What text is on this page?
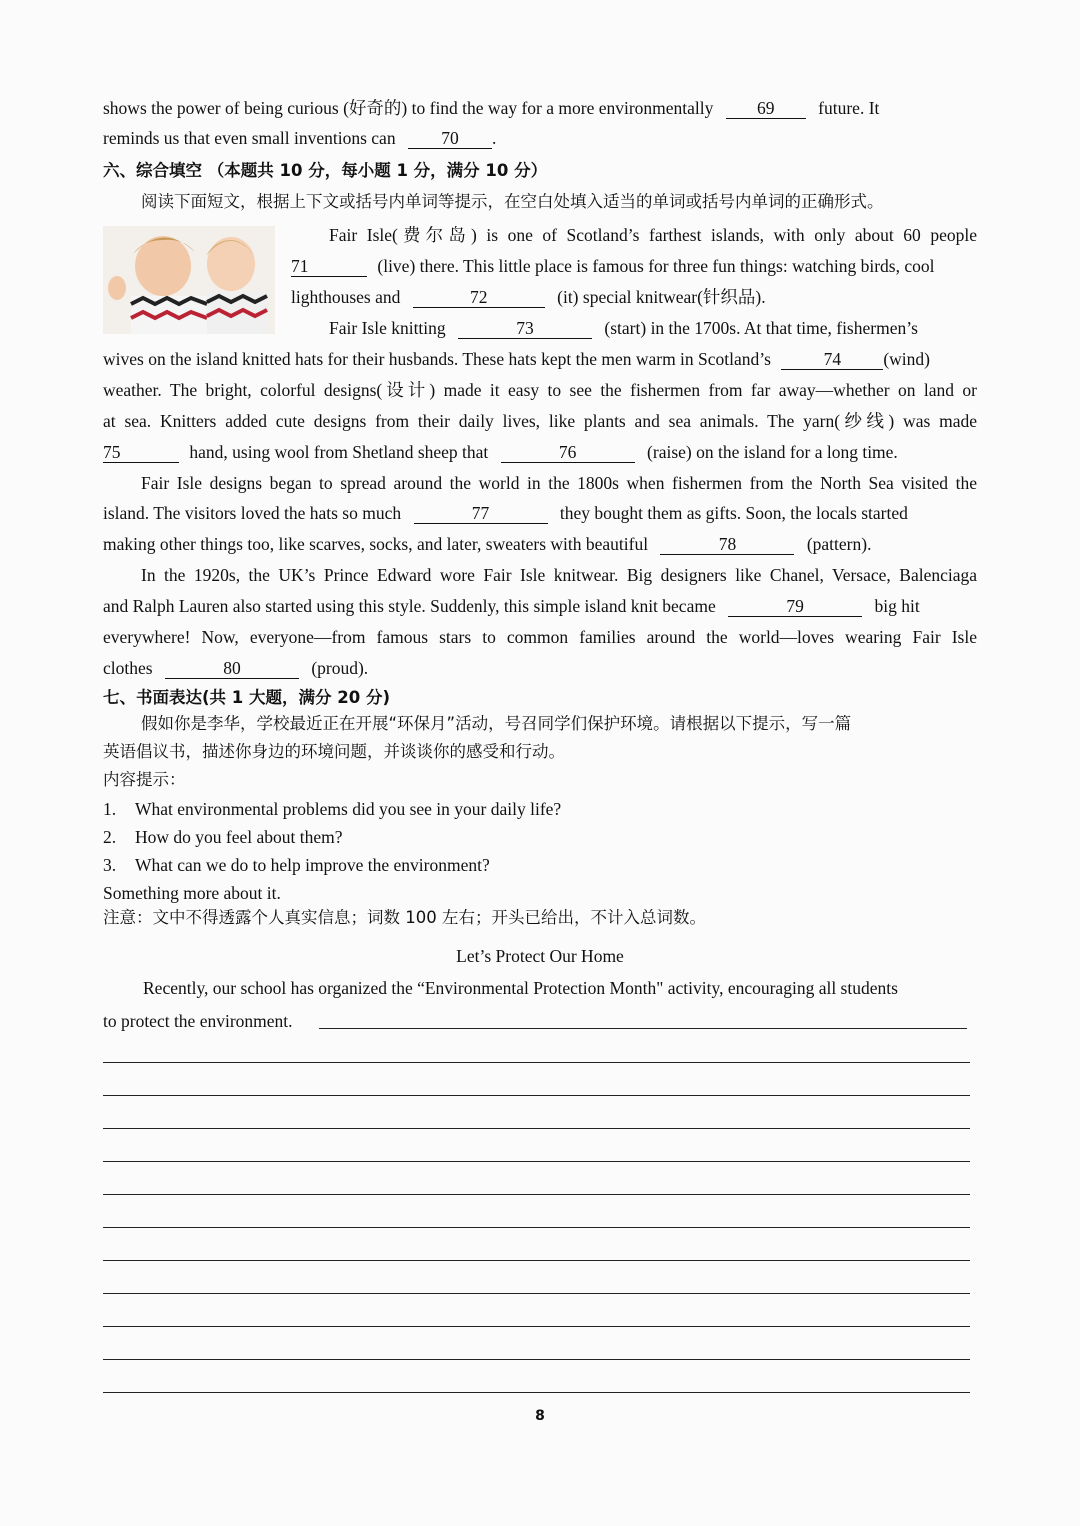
shows the power of being curious (好奇的) to find the way for a more environmentally 69 future. It
reminds us that even small inventions can	70 .
六、综合填空 （本题共 10 分，每小题 1 分，满分 10 分）
阅读下面短文，根据上下文或括号内单词等提示，在空白处填入适当的单词或括号内单词的正确形式。
Fair Isle(费尔岛) is one of Scotland’s farthest islands, with only about 60 people
71	(live) there. This little place is famous for three fun things: watching birds, cool
lighthouses and	72	(it) special knitwear(针织品).
Fair Isle knitting	73	(start) in the 1700s. At that time, fishermen’s
wives on the island knitted hats for their husbands. These hats kept the men warm in Scotland’s	74 (wind)
weather. The bright, colorful designs(设计) made it easy to see the fishermen from far away—whether on land or
at sea. Knitters added cute designs from their daily lives, like plants and sea animals. The yarn(纱线) was made
75	hand, using wool from Shetland sheep that	76	(raise) on the island for a long time.
Fair Isle designs began to spread around the world in the 1800s when fishermen from the North Sea visited the
island. The visitors loved the hats so much	77	they bought them as gifts. Soon, the locals started
making other things too, like scarves, socks, and later, sweaters with beautiful	78	(pattern).
In the 1920s, the UK’s Prince Edward wore Fair Isle knitwear. Big designers like Chanel, Versace, Balenciaga
and Ralph Lauren also started using this style. Suddenly, this simple island knit became	79	big hit
everywhere! Now, everyone—from famous stars to common families around the world—loves wearing Fair Isle
clothes	80	(proud).
七、书面表达(共 1 大题，满分 20 分)
假如你是李华，学校最近正在开展“环保月”活动，号召同学们保护环境。请根据以下提示，写一篇
英语倡议书，描述你身边的环境问题，并谈谈你的感受和行动。
内容提示：
1. What environmental problems did you see in your daily life?
2. How do you feel about them?
3. What can we do to help improve the environment?
Something more about it.
注意：文中不得透露个人真实信息；词数 100 左右；开头已给出，不计入总词数。
Let’s Protect Our Home
Recently, our school has organized the “Environmental Protection Month" activity, encouraging all students
to protect the environment.
8
